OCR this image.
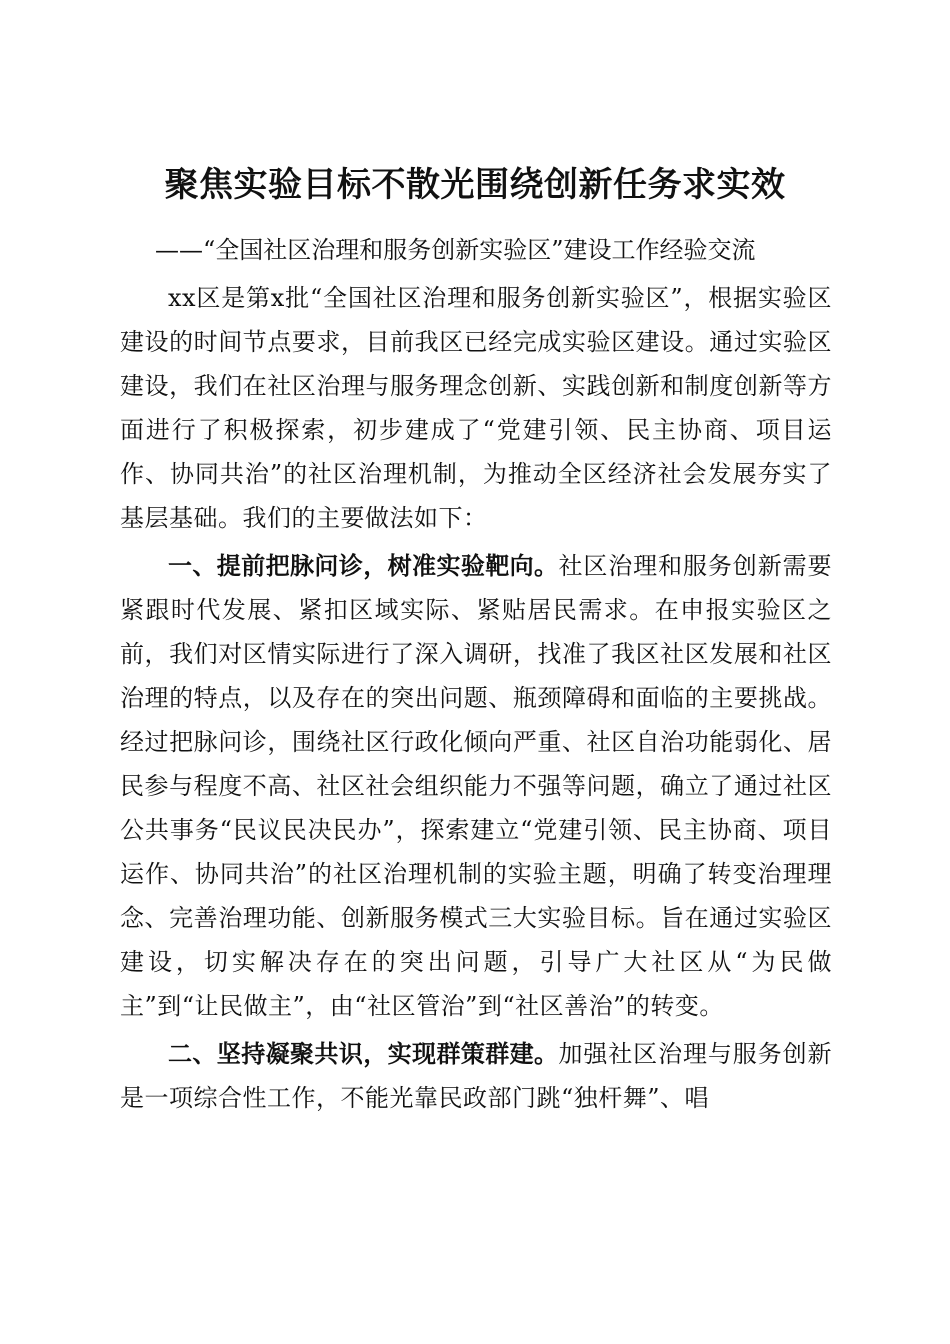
聚焦实验目标不散光围绕创新任务求实效
——“全国社区治理和服务创新实验区”建设工作经验交流

xx区是第x批“全国社区治理和服务创新实验区”，根据实验区建设的时间节点要求，目前我区已经完成实验区建设。通过实验区建设，我们在社区治理与服务理念创新、实践创新和制度创新等方面进行了积极探索，初步建成了“党建引领、民主协商、项目运作、协同共治”的社区治理机制，为推动全区经济社会发展夯实了基层基础。我们的主要做法如下：

一、提前把脉问诊，树准实验靶向。社区治理和服务创新需要紧跟时代发展、紧扣区域实际、紧贴居民需求。在申报实验区之前，我们对区情实际进行了深入调研，找准了我区社区发展和社区治理的特点，以及存在的突出问题、瓶颈障碍和面临的主要挑战。经过把脉问诊，围绕社区行政化倾向严重、社区自治功能弱化、居民参与程度不高、社区社会组织能力不强等问题，确立了通过社区公共事务“民议民决民办”，探索建立“党建引领、民主协商、项目运作、协同共治”的社区治理机制的实验主题，明确了转变治理理念、完善治理功能、创新服务模式三大实验目标。旨在通过实验区建设，切实解决存在的突出问题，引导广大社区从“为民做主”到“让民做主”，由“社区管治”到“社区善治”的转变。

二、坚持凝聚共识，实现群策群建。加强社区治理与服务创新是一项综合性工作，不能光靠民政部门跳“独杆舞”、唱
